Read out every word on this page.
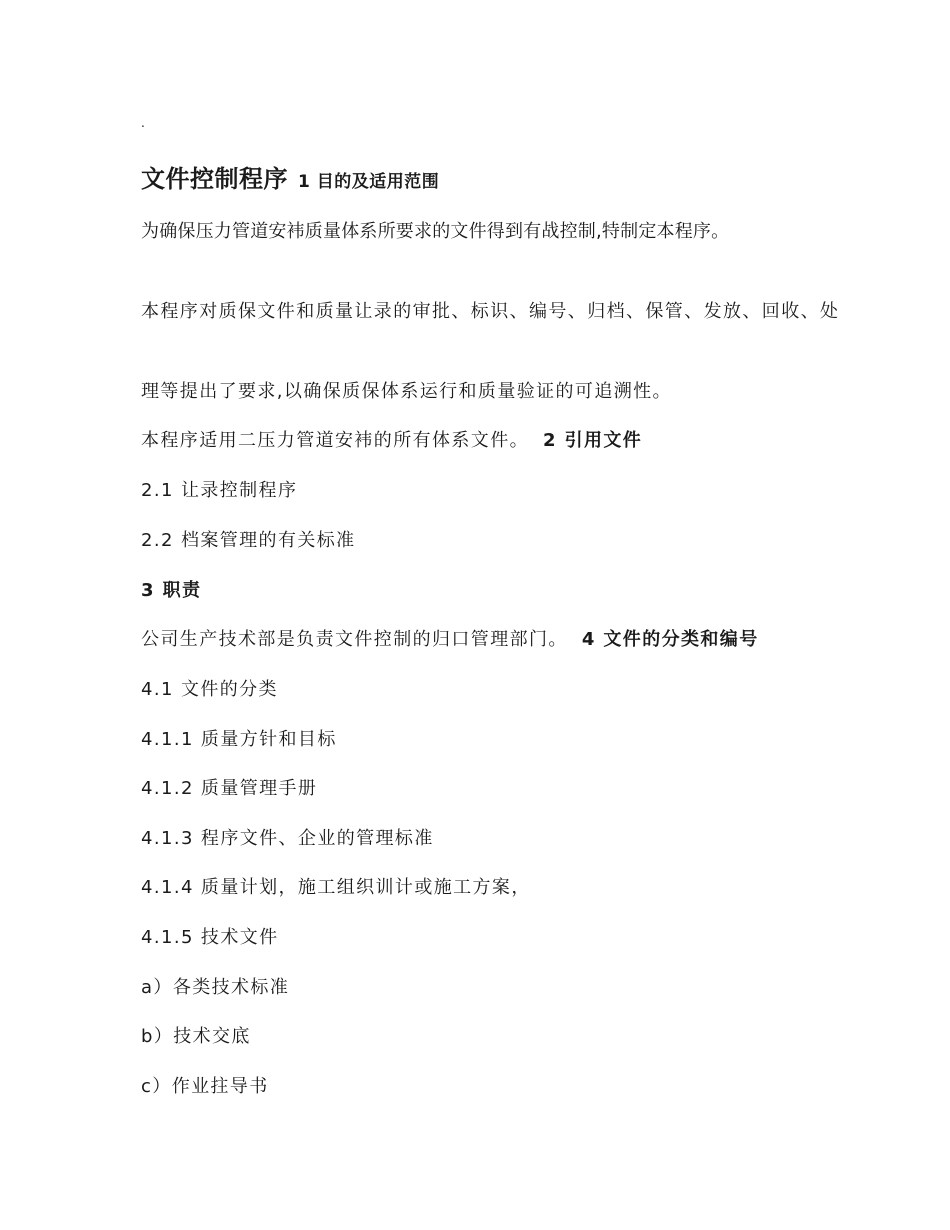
.
文件控制程序 1 目的及适用范围
为确保压力管道安袆质量体系所要求的文件得到有战控制,特制定本程序。
本程序对质保文件和质量让录的审批、标识、编号、归档、保管、发放、回收、处
理等提出了要求,以确保质保体系运行和质量验证的可追溯性。
本程序适用二压力管道安袆的所有体系文件。 2 引用文件
2.1 让录控制程序
2.2 档案管理的有关标准
3 职责
公司生产技术部是负责文件控制的归口管理部门。 4 文件的分类和编号
4.1 文件的分类
4.1.1 质量方针和目标
4.1.2 质量管理手册
4.1.3 程序文件、企业的管理标准
4.1.4 质量计划，施工组织训计或施工方案，
4.1.5 技术文件
a）各类技术标准
b）技术交底
c）作业拄导书
